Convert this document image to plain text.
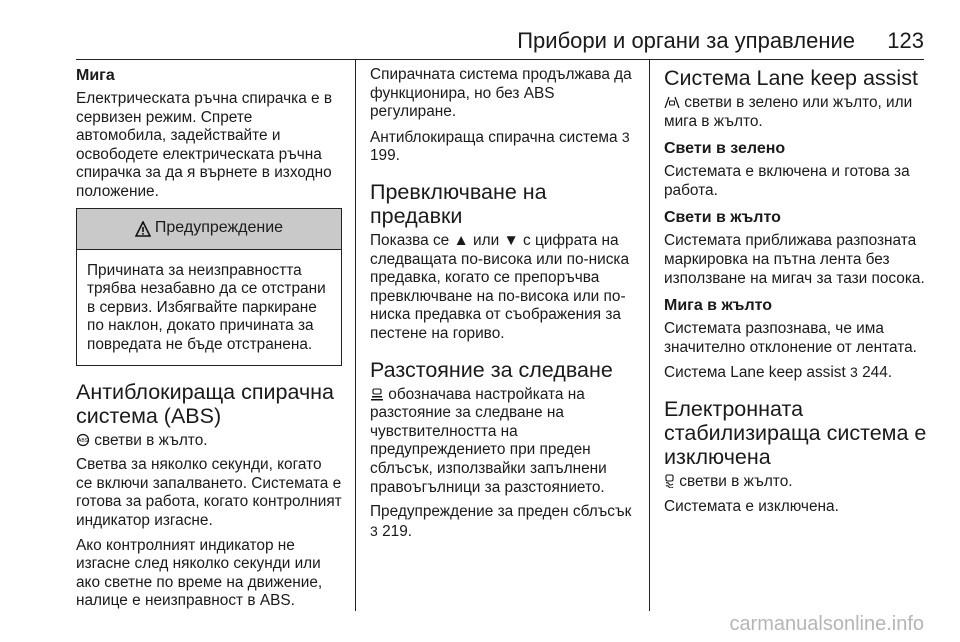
Прибори и органи за управление 123
Мига

Електрическата ръчна спирачка е в сервизен режим. Спрете автомобила, задействайте и освободете електрическата ръчна спирачка за да я върнете в изходно положение.

Предупреждение
Причината за неизправността трябва незабавно да се отстрани в сервиз. Избягвайте паркиране по наклон, докато причината за повредата не бъде отстранена.
Антиблокираща спирачна система (ABS)

ABS светви в жълто.

Светва за няколко секунди, когато се включи запалването. Системата е готова за работа, когато контролният индикатор изгасне.

Ако контролният индикатор не изгасне след няколко секунди или ако светне по време на движение, налице е неизправност в ABS.

Спирачната система продължава да функционира, но без ABS регулиране.

Антиблокираща спирачна система 3 199.

Превключване на предавки

Показва се ▲ или ▼ с цифрата на следващата по-висока или по-ниска предавка, когато се препоръчва превключване на по-висока или по-ниска предавка от съображения за пестене на гориво.

Разстояние за следване

обозначава настройката на разстояние за следване на чувствителността на предупреждението при преден сблъсък, използвайки запълнени правоъгълници за разстоянието.

Предупреждение за преден сблъсък 3 219.

Система Lane keep assist

светви в зелено или жълто, или мига в жълто.

Свети в зелено

Системата е включена и готова за работа.

Свети в жълто

Системата приближава разпозната маркировка на пътна лента без използване на мигач за тази посока.

Мига в жълто

Системата разпознава, че има значително отклонение от лентата.

Система Lane keep assist 3 244.

Електронната стабилизираща система е изключена

светви в жълто.

Системата е изключена.

carmanualsonline.info
